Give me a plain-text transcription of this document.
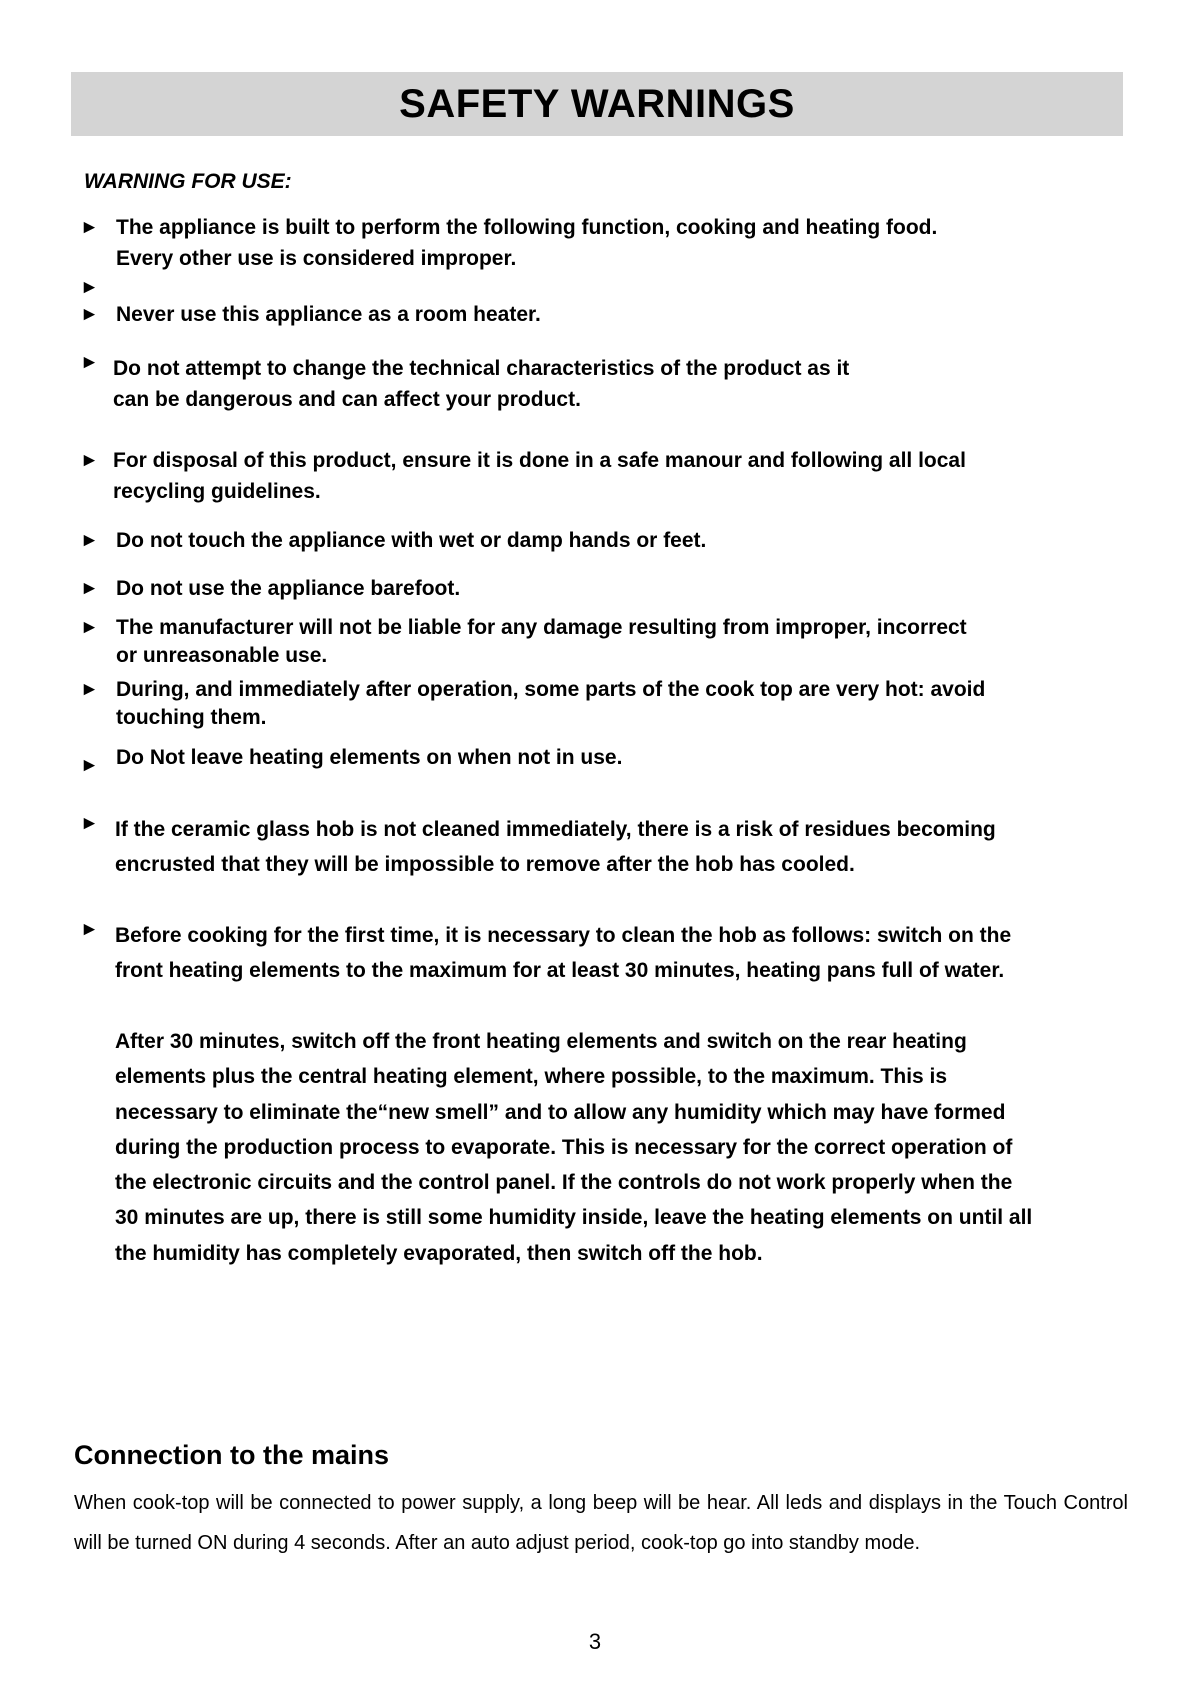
SAFETY WARNINGS
WARNING FOR USE:
► The appliance is built to perform the following function, cooking and heating food.
Every other use is considered improper.
►
► Never use this appliance as a room heater.
► Do not attempt to change the technical characteristics of the product as it
can be dangerous and can affect your product.
► For disposal of this product, ensure it is done in a safe manour and following all local
recycling guidelines.
► Do not touch the appliance with wet or damp hands or feet.
► Do not use the appliance barefoot.
► The manufacturer will not be liable for any damage resulting from improper, incorrect
or unreasonable use.
► During, and immediately after operation, some parts of the cook top are very hot: avoid
touching them.
► Do Not leave heating elements on when not in use.
► If the ceramic glass hob is not cleaned immediately, there is a risk of residues becoming
encrusted that they will be impossible to remove after the hob has cooled.
► Before cooking for the first time, it is necessary to clean the hob as follows: switch on the
front heating elements to the maximum for at least 30 minutes, heating pans full of water.
After 30 minutes, switch off the front heating elements and switch on the rear heating
elements plus the central heating element, where possible, to the maximum. This is
necessary to eliminate the“new smell” and to allow any humidity which may have formed
during the production process to evaporate. This is necessary for the correct operation of
the electronic circuits and the control panel. If the controls do not work properly when the
30 minutes are up, there is still some humidity inside, leave the heating elements on until all
the humidity has completely evaporated, then switch off the hob.
Connection to the mains
When cook-top will be connected to power supply, a long beep will be hear. All leds and displays in the Touch Control will be turned ON during 4 seconds. After an auto adjust period, cook-top go into standby mode.
3
